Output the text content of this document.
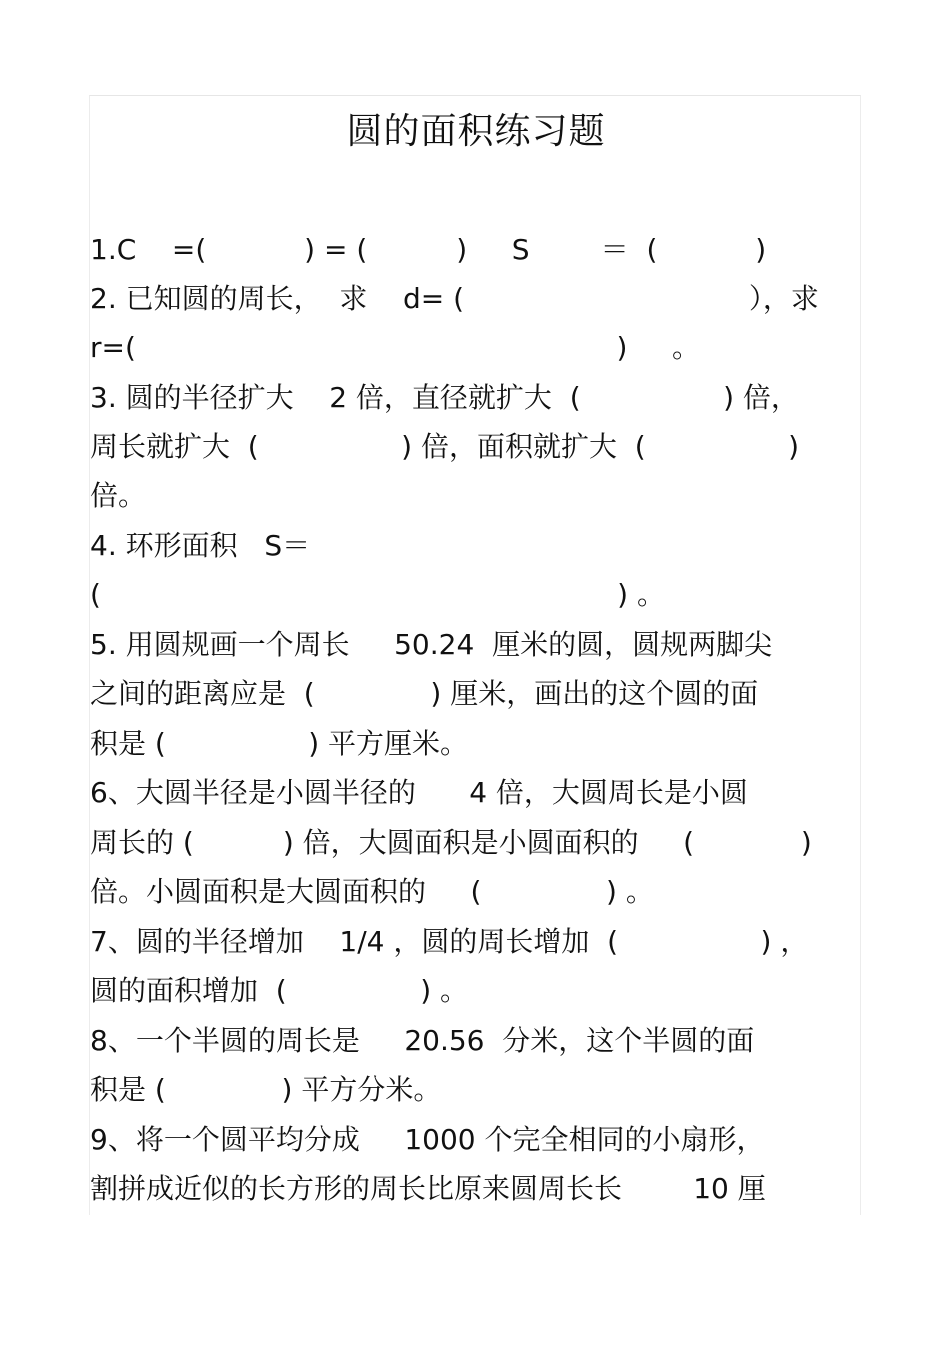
圆的面积练习题
1.C    =(           ) = (          )     S        ＝  (           )
2. 已知圆的周长，  求    d= (                                ），求
r=(                                                      )     。
3. 圆的半径扩大    2 倍，直径就扩大  (                ) 倍，
周长就扩大  (                ) 倍，面积就扩大  (                )
倍。
4. 环形面积   S＝
(                                                          ) 。
5. 用圆规画一个周长     50.24  厘米的圆，圆规两脚尖
之间的距离应是  (             ) 厘米，画出的这个圆的面
积是 (                ) 平方厘米。
6、大圆半径是小圆半径的      4 倍，大圆周长是小圆
周长的 (          ) 倍，大圆面积是小圆面积的     (            )
倍。小圆面积是大圆面积的     (              ) 。
7、圆的半径增加    1/4 ，圆的周长增加  (                ) ，
圆的面积增加  (               ) 。
8、一个半圆的周长是     20.56  分米，这个半圆的面
积是 (             ) 平方分米。
9、将一个圆平均分成     1000 个完全相同的小扇形，
割拼成近似的长方形的周长比原来圆周长长        10 厘
